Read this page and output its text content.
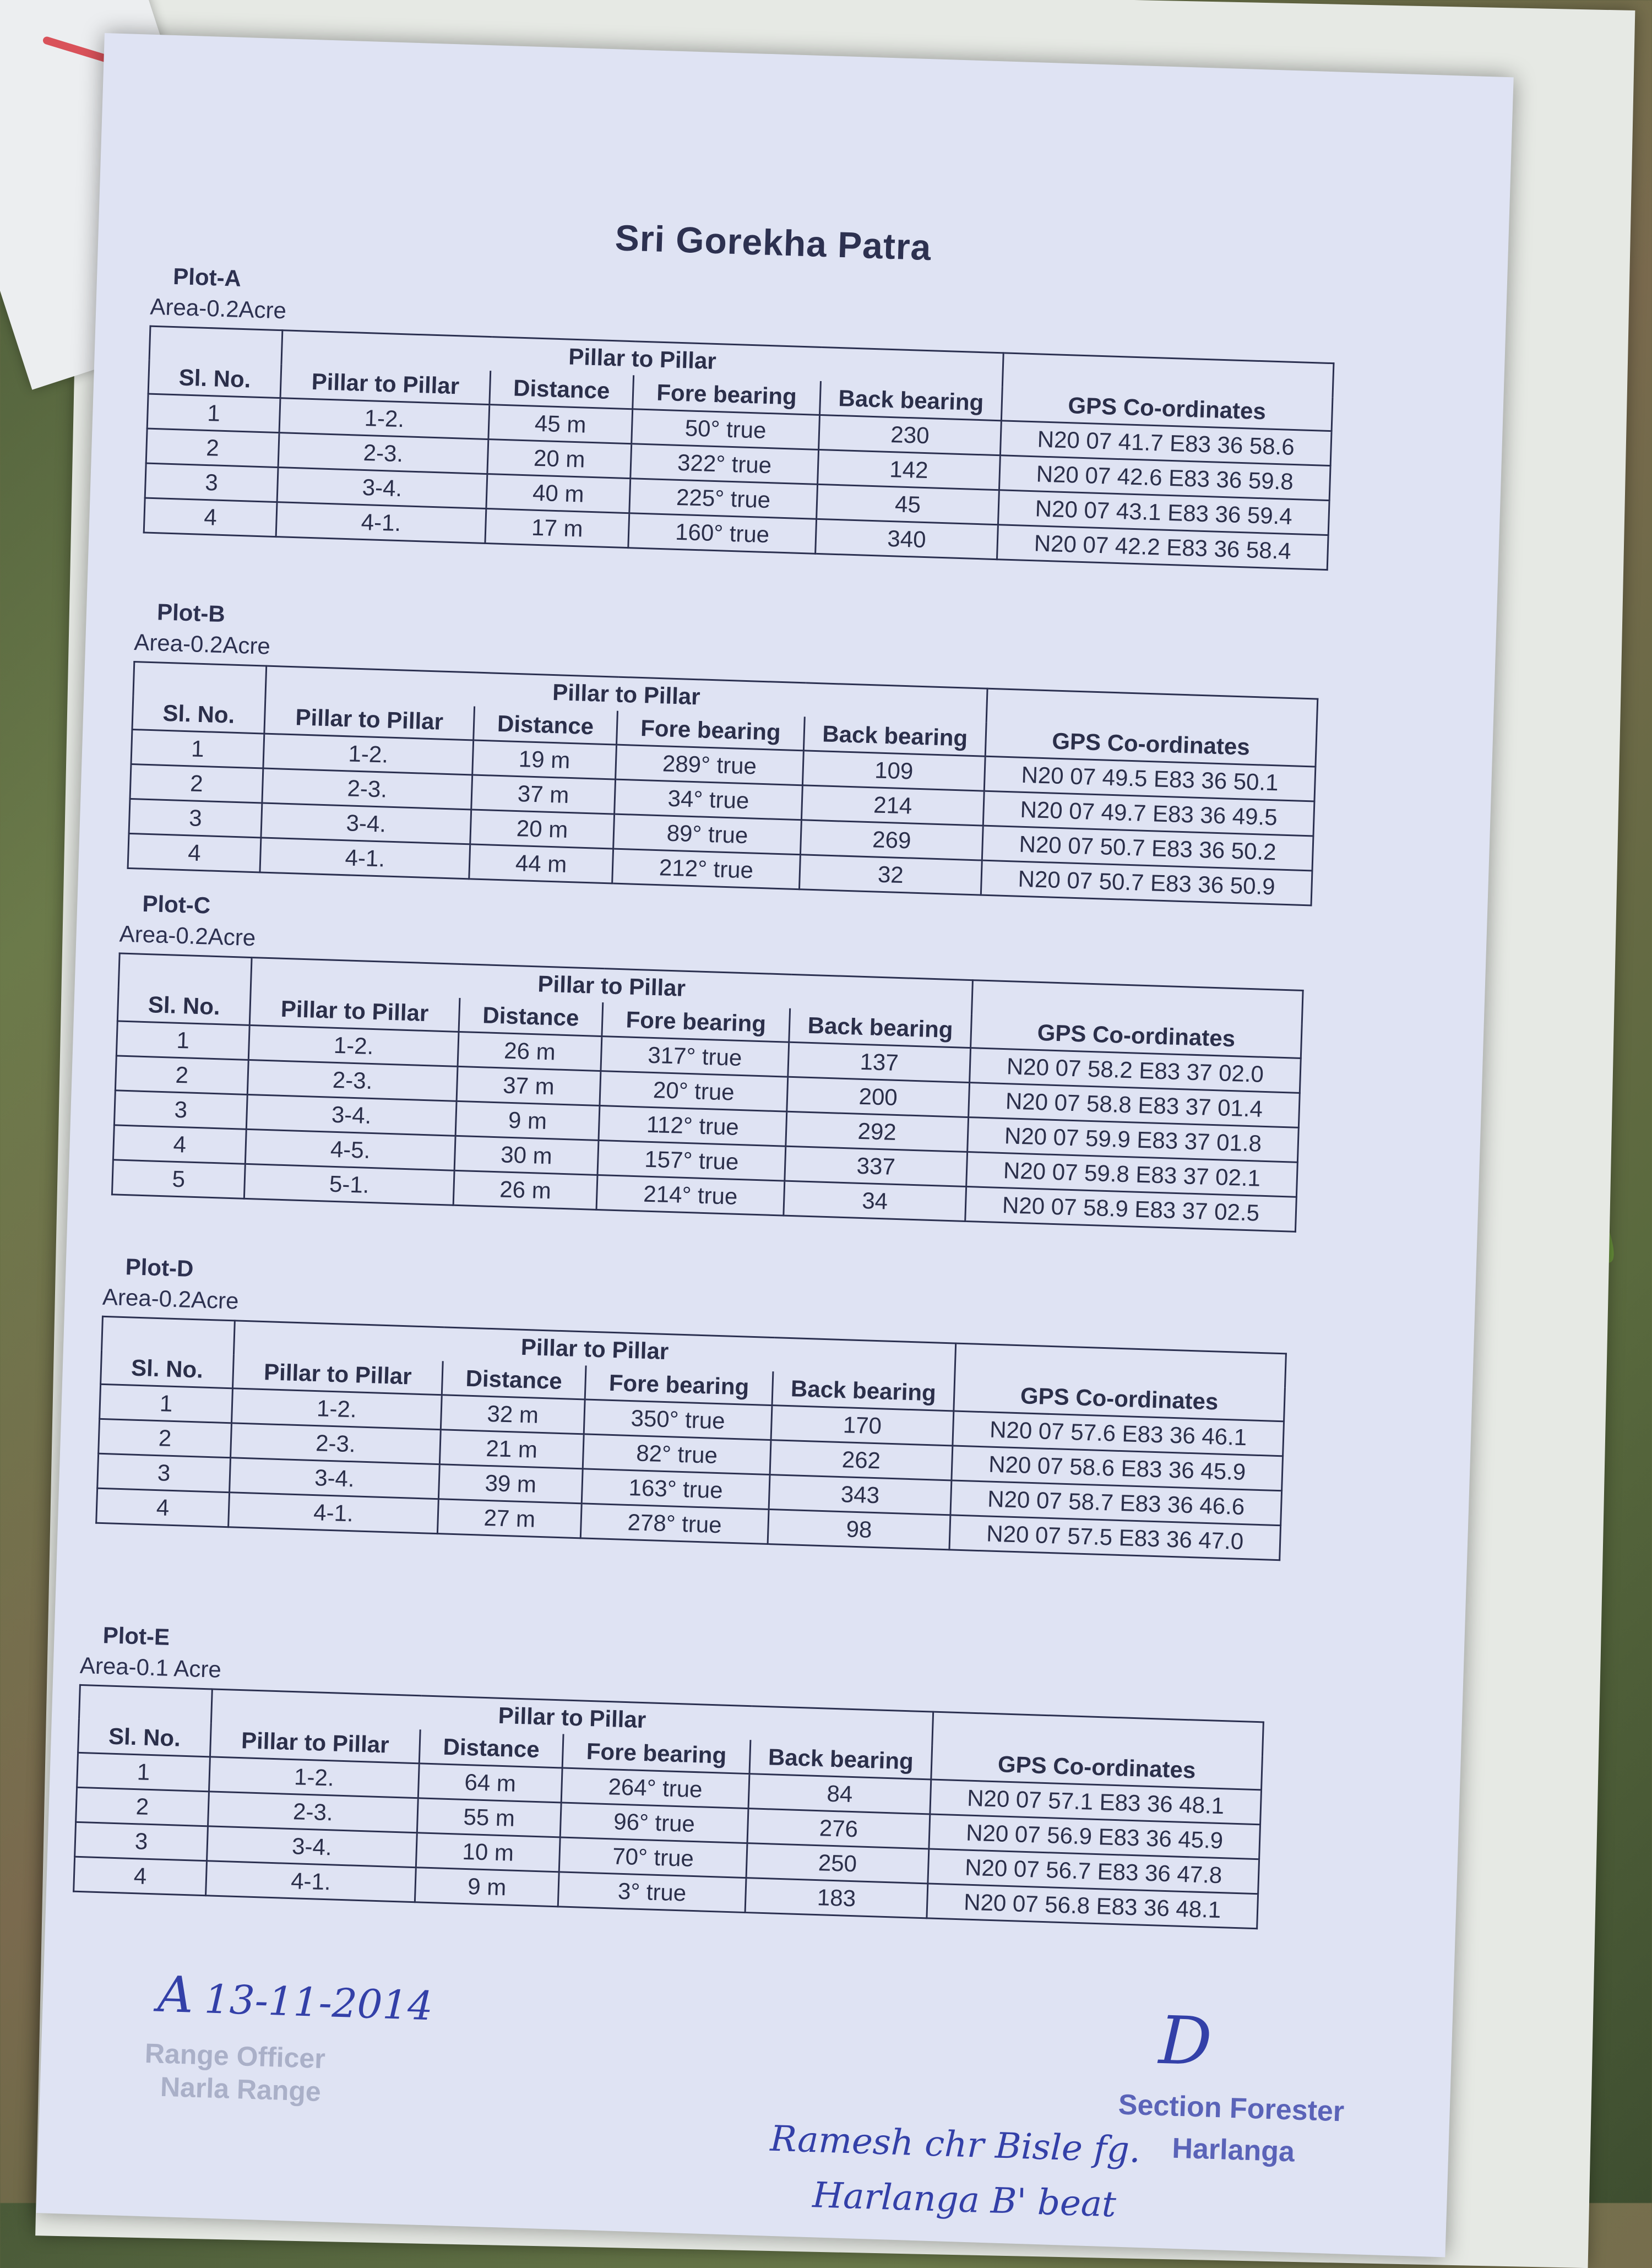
Sri Gorekha Patra
Plot-A
Area-0.2Acre
	Pillar to Pillar				
Sl. No.	Pillar to Pillar	Distance	Fore bearing	Back bearing	GPS Co-ordinates
1	1-2.	45 m	50° true	230	N20 07 41.7 E83 36 58.6
2	2-3.	20 m	322° true	142	N20 07 42.6 E83 36 59.8
3	3-4.	40 m	225° true	45	N20 07 43.1 E83 36 59.4
4	4-1.	17 m	160° true	340	N20 07 42.2 E83 36 58.4
Plot-B
Area-0.2Acre
	Pillar to Pillar				
Sl. No.	Pillar to Pillar	Distance	Fore bearing	Back bearing	GPS Co-ordinates
1	1-2.	19 m	289° true	109	N20 07 49.5 E83 36 50.1
2	2-3.	37 m	34° true	214	N20 07 49.7 E83 36 49.5
3	3-4.	20 m	89° true	269	N20 07 50.7 E83 36 50.2
4	4-1.	44 m	212° true	32	N20 07 50.7 E83 36 50.9
Plot-C
Area-0.2Acre
	Pillar to Pillar				
Sl. No.	Pillar to Pillar	Distance	Fore bearing	Back bearing	GPS Co-ordinates
1	1-2.	26 m	317° true	137	N20 07 58.2 E83 37 02.0
2	2-3.	37 m	20° true	200	N20 07 58.8 E83 37 01.4
3	3-4.	9 m	112° true	292	N20 07 59.9 E83 37 01.8
4	4-5.	30 m	157° true	337	N20 07 59.8 E83 37 02.1
5	5-1.	26 m	214° true	34	N20 07 58.9 E83 37 02.5
Plot-D
Area-0.2Acre
	Pillar to Pillar				
Sl. No.	Pillar to Pillar	Distance	Fore bearing	Back bearing	GPS Co-ordinates
1	1-2.	32 m	350° true	170	N20 07 57.6 E83 36 46.1
2	2-3.	21 m	82° true	262	N20 07 58.6 E83 36 45.9
3	3-4.	39 m	163° true	343	N20 07 58.7 E83 36 46.6
4	4-1.	27 m	278° true	98	N20 07 57.5 E83 36 47.0
Plot-E
Area-0.1 Acre
	Pillar to Pillar				
Sl. No.	Pillar to Pillar	Distance	Fore bearing	Back bearing	GPS Co-ordinates
1	1-2.	64 m	264° true	84	N20 07 57.1 E83 36 48.1
2	2-3.	55 m	96° true	276	N20 07 56.9 E83 36 45.9
3	3-4.	10 m	70° true	250	N20 07 56.7 E83 36 47.8
4	4-1.	9 m	3° true	183	N20 07 56.8 E83 36 48.1
A 13-11-2014
Range Officer
Narla Range
D
Section Forester
Harlanga
Ramesh chr Bisle fg.
Harlanga B' beat
